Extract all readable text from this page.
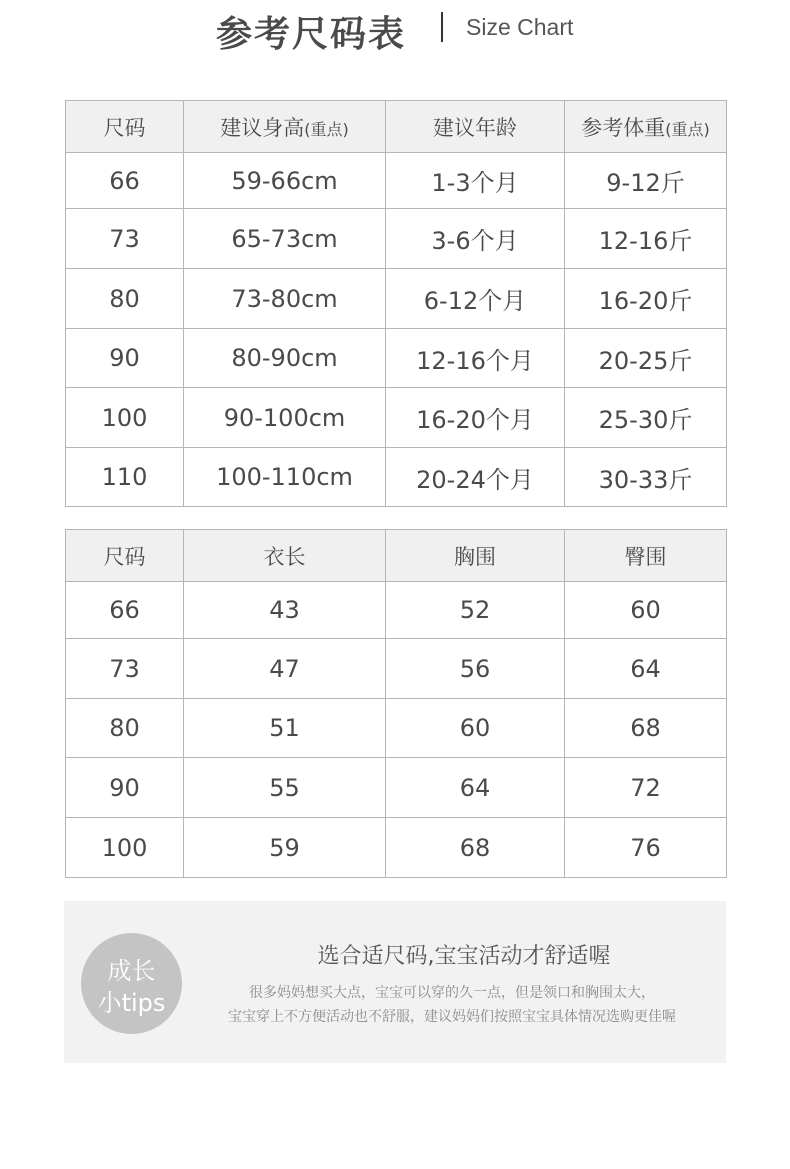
参考尺码表	Size Chart
尺码	建议身高(重点)	建议年龄	参考体重(重点)
66	59-66cm	1-3个月	9-12斤
73	65-73cm	3-6个月	12-16斤
80	73-80cm	6-12个月	16-20斤
90	80-90cm	12-16个月	20-25斤
100	90-100cm	16-20个月	25-30斤
110	100-110cm	20-24个月	30-33斤
尺码	衣长	胸围	臀围
66	43	52	60
73	47	56	64
80	51	60	68
90	55	64	72
100	59	68	76
成长
小tips
选合适尺码,宝宝活动才舒适喔
很多妈妈想买大点，宝宝可以穿的久一点，但是领口和胸围太大，
宝宝穿上不方便活动也不舒服，建议妈妈们按照宝宝具体情况选购更佳喔
